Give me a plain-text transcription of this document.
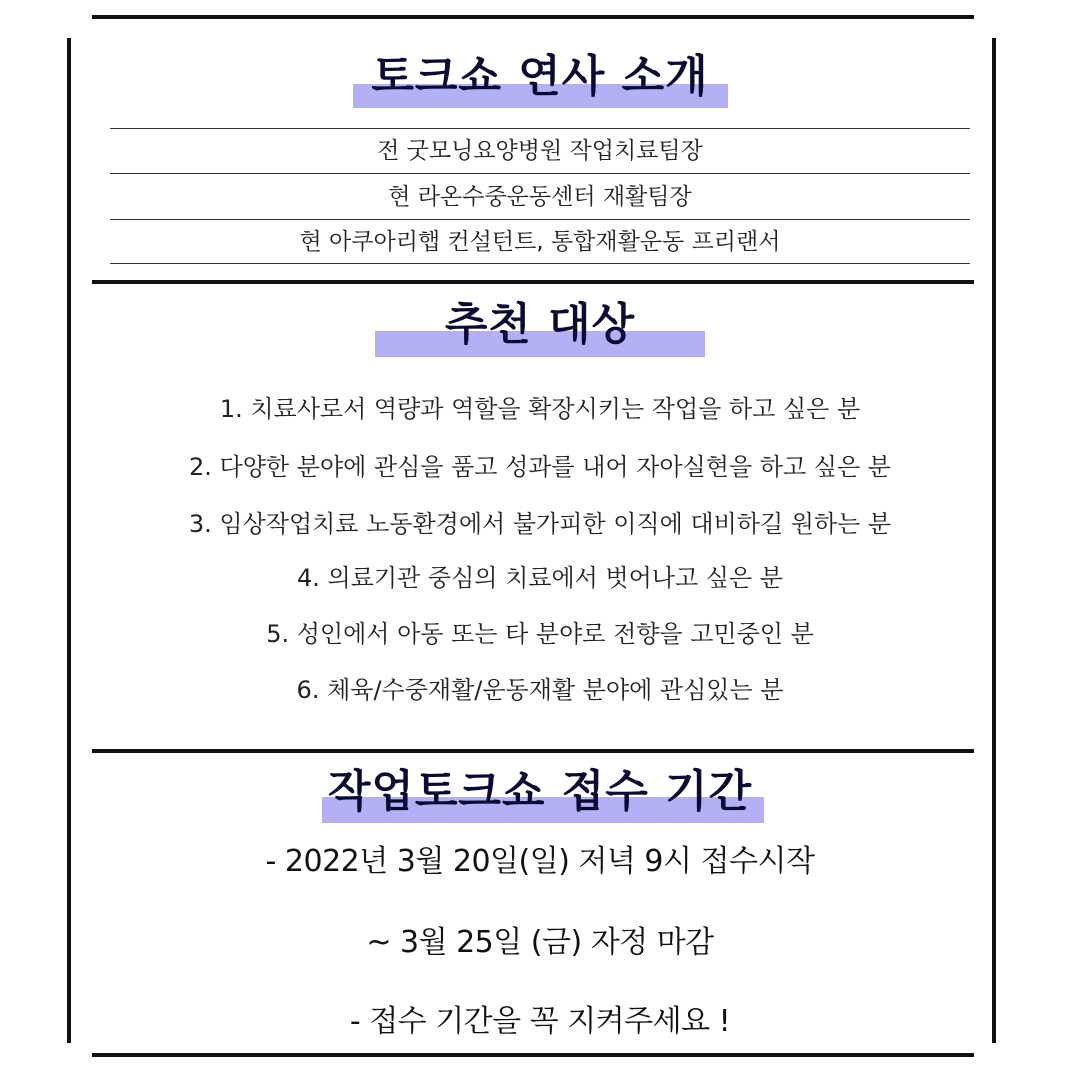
토크쇼 연사 소개
전 굿모닝요양병원 작업치료팀장
현 라온수중운동센터 재활팀장
현 아쿠아리햅 컨설턴트, 통합재활운동 프리랜서
추천 대상
1. 치료사로서 역량과 역할을 확장시키는 작업을 하고 싶은 분
2. 다양한 분야에 관심을 품고 성과를 내어 자아실현을 하고 싶은 분
3. 임상작업치료 노동환경에서 불가피한 이직에 대비하길 원하는 분
4. 의료기관 중심의 치료에서 벗어나고 싶은 분
5. 성인에서 아동 또는 타 분야로 전향을 고민중인 분
6. 체육/수중재활/운동재활 분야에 관심있는 분
작업토크쇼 접수 기간
- 2022년 3월 20일(일) 저녁 9시 접수시작
~ 3월 25일 (금) 자정 마감
- 접수 기간을 꼭 지켜주세요 !
